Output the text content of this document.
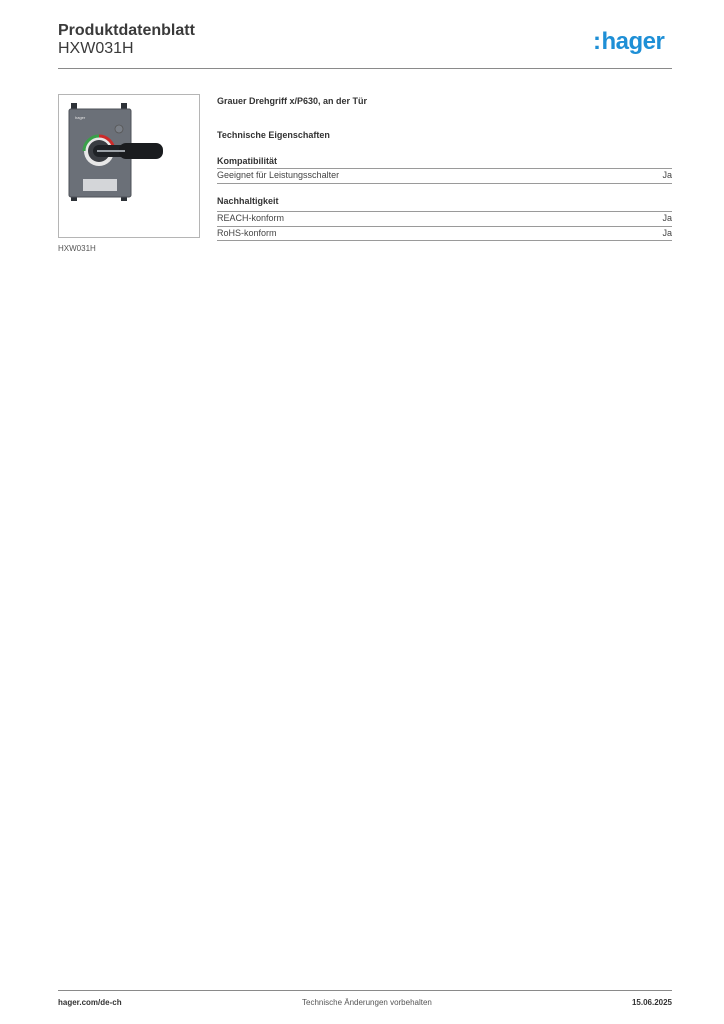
Produktdatenblatt
HXW031H	:hager
hager
HXW031H
Grauer Drehgriff x/P630, an der Tür
Technische Eigenschaften
Kompatibilität
Geeignet für Leistungsschalter	Ja
Nachhaltigkeit
REACH-konform	Ja
RoHS-konform	Ja
hager.com/de-ch	Technische Änderungen vorbehalten	15.06.2025
